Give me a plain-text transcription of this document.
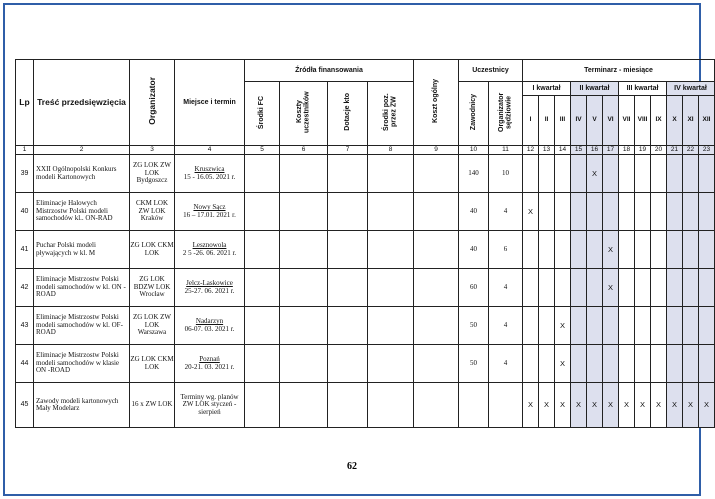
Lp	Treść przedsięwzięcia	Organizator	Miejsce i termin	Źródła finansowania				Koszt ogólny	Uczestnicy		Terminarz - miesiące											
				Środki FC	Koszty uczestników	Dotacje kto	Środki poz. przez ZW		Zawodnicy	Organizator sędziowie	I kwartał			II kwartał			III kwartał			IV kwartał		
											I	II	III	IV	V	VI	VII	VIII	IX	X	XI	XII
1	2	3	4	5	6	7	8	9	10	11	12	13	14	15	16	17	18	19	20	21	22	23
39	XXII Ogólnopolski Konkurs modeli Kartonowych	ZG LOK ZW LOK Bydgoszcz	Kruszwica
15 - 16.05. 2021 r.						140	10					X							
40	Eliminacje Halowych Mistrzostw Polski modeli samochodów kl.. ON-RAD	CKM LOK ZW LOK Kraków	Nowy Sącz
16 – 17.01. 2021 r.						40	4	X											
41	Puchar Polski modeli pływających w kl. M	ZG LOK CKM LOK	Lesznowola
2 5 -26. 06. 2021 r.						40	6						X						
42	Eliminacje Mistrzostw Polski modeli samochodów w kl. ON - ROAD	ZG LOK BDZW LOK Wrocław	Jelcz-Laskowice
25-27. 06. 2021 r.						60	4						X						
43	Eliminacje Mistrzostw Polski modeli samochodów w kl. OF- ROAD	ZG LOK ZW LOK Warszawa	Nadarzyn
06-07. 03. 2021 r.						50	4			X									
44	Eliminacje Mistrzostw Polski modeli samochodów w klasie ON -ROAD	ZG LOK CKM LOK	Poznań
20-21. 03. 2021 r.						50	4			X									
45	Zawody modeli kartonowych Mały Modelarz	16 x ZW LOK	Terminy wg. planów ZW LOK styczeń - sierpień								X	X	X	X	X	X	X	X	X	X	X	X
62
